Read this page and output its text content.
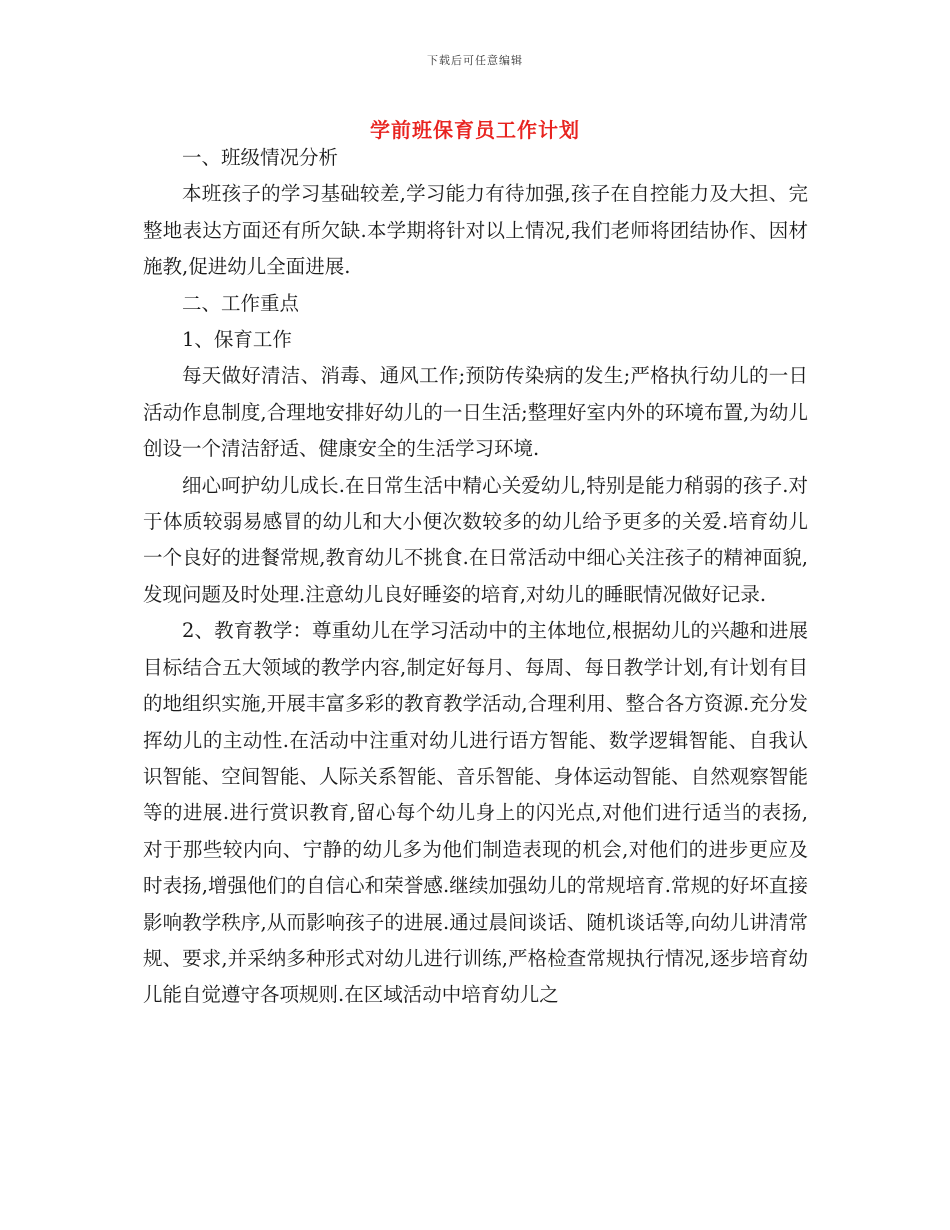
下载后可任意编辑
学前班保育员工作计划

一、班级情况分析

本班孩子的学习基础较差,学习能力有待加强,孩子在自控能力及大担、完整地表达方面还有所欠缺.本学期将针对以上情况,我们老师将团结协作、因材施教,促进幼儿全面进展.

二、工作重点

1、保育工作

每天做好清洁、消毒、通风工作;预防传染病的发生;严格执行幼儿的一日活动作息制度,合理地安排好幼儿的一日生活;整理好室内外的环境布置,为幼儿创设一个清洁舒适、健康安全的生活学习环境.

细心呵护幼儿成长.在日常生活中精心关爱幼儿,特别是能力稍弱的孩子.对于体质较弱易感冒的幼儿和大小便次数较多的幼儿给予更多的关爱.培育幼儿一个良好的进餐常规,教育幼儿不挑食.在日常活动中细心关注孩子的精神面貌,发现问题及时处理.注意幼儿良好睡姿的培育,对幼儿的睡眠情况做好记录.

2、教育教学：尊重幼儿在学习活动中的主体地位,根据幼儿的兴趣和进展目标结合五大领域的教学内容,制定好每月、每周、每日教学计划,有计划有目的地组织实施,开展丰富多彩的教育教学活动,合理利用、整合各方资源.充分发挥幼儿的主动性.在活动中注重对幼儿进行语方智能、数学逻辑智能、自我认识智能、空间智能、人际关系智能、音乐智能、身体运动智能、自然观察智能等的进展.进行赏识教育,留心每个幼儿身上的闪光点,对他们进行适当的表扬,对于那些较内向、宁静的幼儿多为他们制造表现的机会,对他们的进步更应及时表扬,增强他们的自信心和荣誉感.继续加强幼儿的常规培育.常规的好坏直接影响教学秩序,从而影响孩子的进展.通过晨间谈话、随机谈话等,向幼儿讲清常规、要求,并采纳多种形式对幼儿进行训练,严格检查常规执行情况,逐步培育幼儿能自觉遵守各项规则.在区域活动中培育幼儿之
